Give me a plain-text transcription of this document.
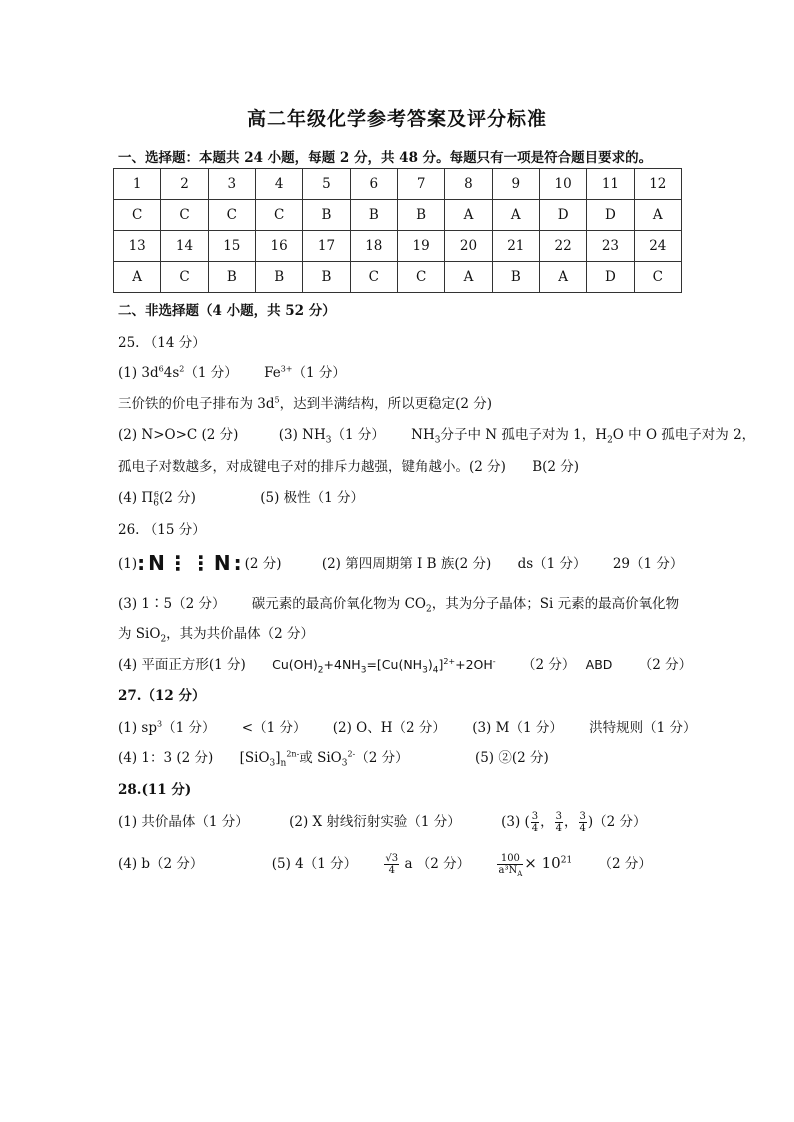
高二年级化学参考答案及评分标准
一、选择题：本题共 24 小题，每题 2 分，共 48 分。每题只有一项是符合题目要求的。
1	2	3	4	5	6	7	8	9	10	11	12
C	C	C	C	B	B	B	A	A	D	D	A
13	14	15	16	17	18	19	20	21	22	23	24
A	C	B	B	B	C	C	A	B	A	D	C
二、非选择题（4 小题，共 52 分）
25. （14 分）
(1) $3d^64s^2(1$ 分） $Fe^{3+}(1$ 分）
三价铁的价电子排布为 $3d^5$，达到半满结构，所以更稳定(2 分)
(2) N>O>C (2 分)	(3) $NH_3(1$ 分） $NH_3$分子中 N 孤电子对为 1，$H_2O$ 中 O 孤电子对为 2，
孤电子对数越多，对成键电子对的排斥力越强，键角越小。(2 分) B(2 分)
(4) $\Pi_6^6(2$ 分)	(5) 极性（1 分）
26. （15 分）
(1):N⋮⋮N:(2 分)	(2) 第四周期第 I B 族(2 分) ds（1 分） 29（1 分）
(3) 1∶5（2 分） 碳元素的最高价氧化物为 $CO_2$，其为分子晶体；Si 元素的最高价氧化物
为 SiO$_2$，其为共价晶体（2 分）
(4) 平面正方形(1 分) $Cu(OH)_2+4NH_3=[Cu(NH_3)_4]^{2+}+2OH^-$ （2 分） ABD （2 分）
27.（12 分）
(1) $sp^3(1$ 分） <（1 分） (2) O、H（2 分） (3) M（1 分） 洪特规则（1 分）
(4) 1：3 (2 分) $[SiO_3]_n^{2n-}$或 SiO$_3^{2-}$（2 分）	(5) ②(2 分)
28.(11 分)
(1) 共价晶体（1 分）	(2) X 射线衍射实验（1 分）	(3) ( $\frac{3}{4}$ ， $\frac{3}{4}$ ， $\frac{3}{4} )(2$ 分）
(4) b（2 分）	(5) 4（1 分）	$\frac{√3}{4}$ a （2 分）	$\frac{100}{a^3N_A} \times 10^{21}$ （2 分）
